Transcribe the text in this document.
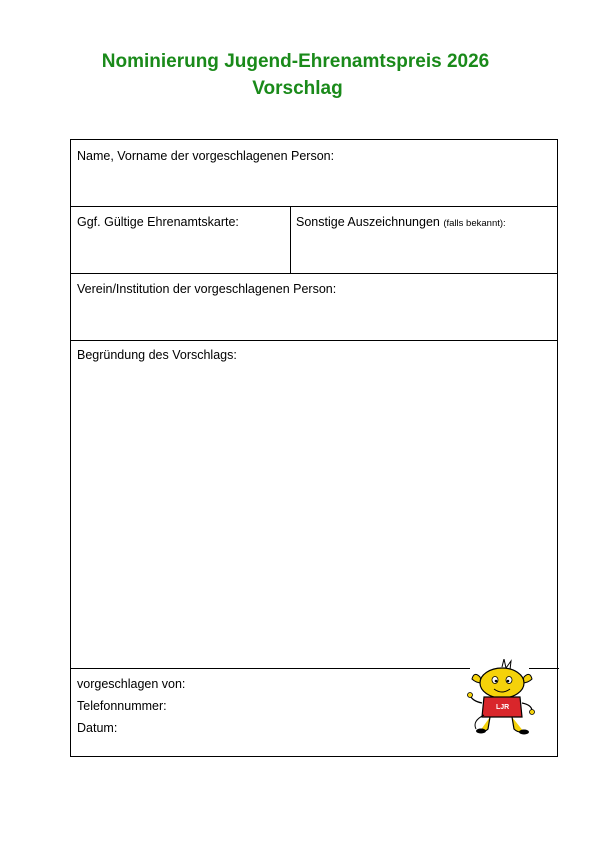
Nominierung Jugend-Ehrenamtspreis 2026
Vorschlag
Name, Vorname der vorgeschlagenen Person:
Ggf. Gültige Ehrenamtskarte:	Sonstige Auszeichnungen (falls bekannt):
Verein/Institution der vorgeschlagenen Person:
Begründung des Vorschlags:
vorgeschlagen von:
Telefonnummer:
Datum:
LJR
